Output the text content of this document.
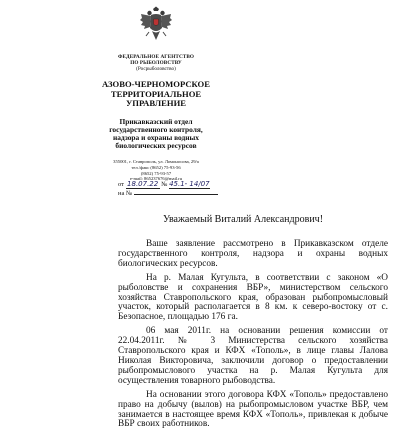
ФЕДЕРАЛЬНОЕ АГЕНТСТВО
ПО РЫБОЛОВСТВУ
(Росрыболовство)
АЗОВО-ЧЕРНОМОРСКОЕ
ТЕРРИТОРИАЛЬНОЕ
УПРАВЛЕНИЕ
Прикавказский отдел
государственного контроля,
надзора и охраны водных
биологических ресурсов
355001, г. Ставрополь, ул. Ломоносова, 29/а
тел./факс (8652) 75-93-56
(8652) 75-93-57
e-mail: 865237676@mail.ru
от 18.07.22 № 45.1- 14/07
на №
Уважаемый Виталий Александрович!

Ваше заявление рассмотрено в Прикавказском отделе государственного контроля, надзора и охраны водных биологических ресурсов.

На р. Малая Кугульта, в соответствии с законом «О рыболовстве и сохранения ВБР», министерством сельского хозяйства Ставропольского края, образован рыбопромысловый участок, который располагается в 8 км. к северо-востоку от с. Безопасное, площадью 176 га.

06 мая 2011г. на основании решения комиссии от 22.04.2011г. № 3 Министерства сельского хозяйства Ставропольского края и КФХ «Тополь», в лице главы Лалова Николая Викторовича, заключили договор о предоставлении рыбопромыслового участка на р. Малая Кугульта для осуществления товарного рыбоводства.

На основании этого договора КФХ «Тополь» предоставлено право на добычу (вылов) на рыбопромысловом участке ВБР, чем занимается в настоящее время КФХ «Тополь», привлекая к добыче ВБР своих работников.
